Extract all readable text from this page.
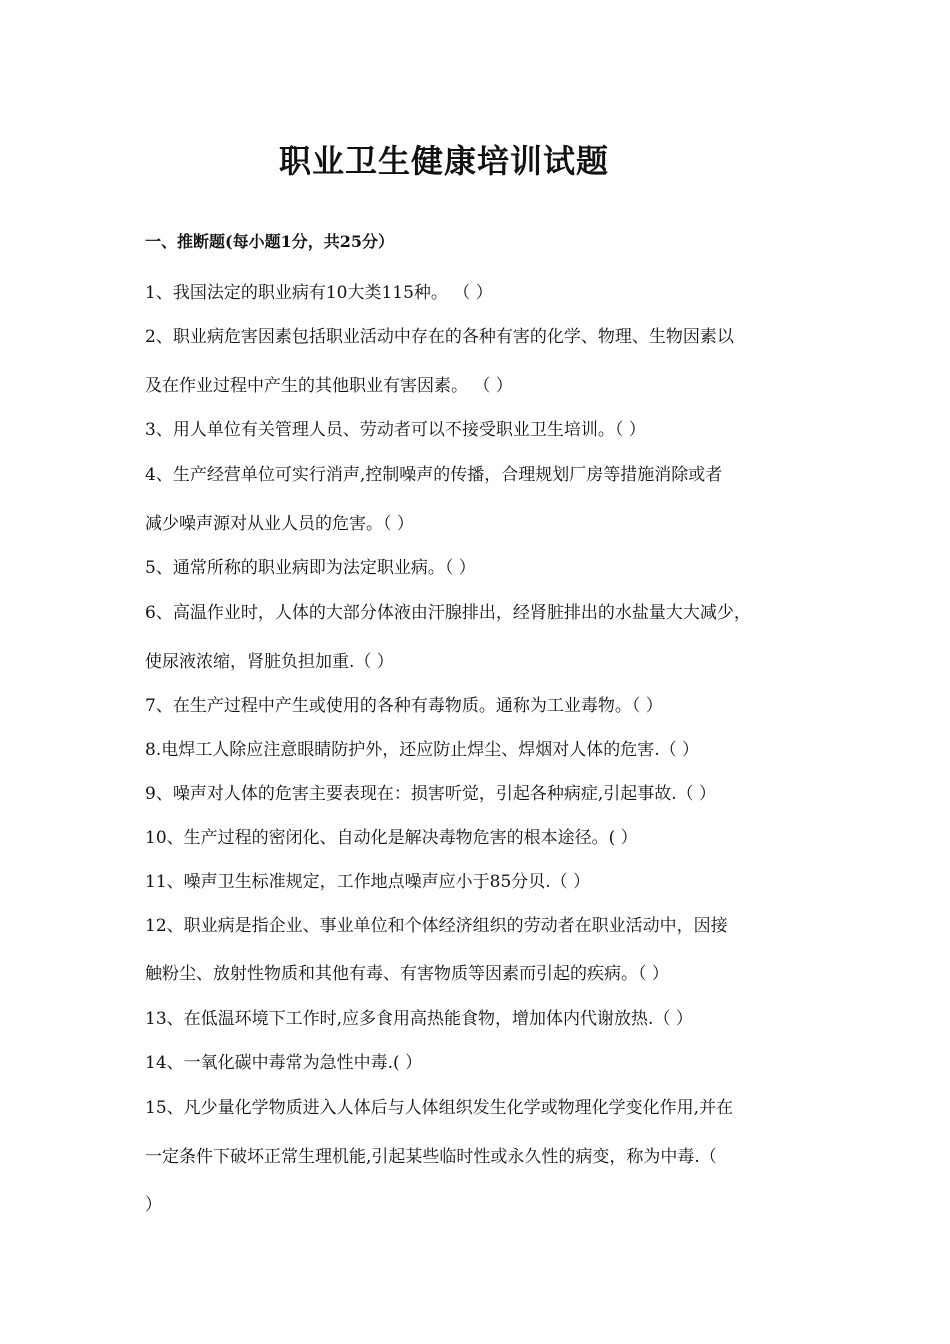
职业卫生健康培训试题
一、推断题(每小题1分，共25分）
1、我国法定的职业病有10大类115种。 （ ）
2、职业病危害因素包括职业活动中存在的各种有害的化学、物理、生物因素以
及在作业过程中产生的其他职业有害因素。 （ ）
3、用人单位有关管理人员、劳动者可以不接受职业卫生培训。（ ）
4、生产经营单位可实行消声,控制噪声的传播，合理规划厂房等措施消除或者
减少噪声源对从业人员的危害。（ ）
5、通常所称的职业病即为法定职业病。（ ）
6、高温作业时，人体的大部分体液由汗腺排出，经肾脏排出的水盐量大大减少，
使尿液浓缩，肾脏负担加重.（ ）
7、在生产过程中产生或使用的各种有毒物质。通称为工业毒物。（ ）
8.电焊工人除应注意眼睛防护外，还应防止焊尘、焊烟对人体的危害.（ ）
9、噪声对人体的危害主要表现在：损害听觉，引起各种病症,引起事故.（ ）
10、生产过程的密闭化、自动化是解决毒物危害的根本途径。( ）
11、噪声卫生标准规定，工作地点噪声应小于85分贝.（ ）
12、职业病是指企业、事业单位和个体经济组织的劳动者在职业活动中，因接
触粉尘、放射性物质和其他有毒、有害物质等因素而引起的疾病。（ ）
13、在低温环境下工作时,应多食用高热能食物，增加体内代谢放热.（ ）
14、一氧化碳中毒常为急性中毒.( ）
15、凡少量化学物质进入人体后与人体组织发生化学或物理化学变化作用,并在
一定条件下破坏正常生理机能,引起某些临时性或永久性的病变，称为中毒.（
）
